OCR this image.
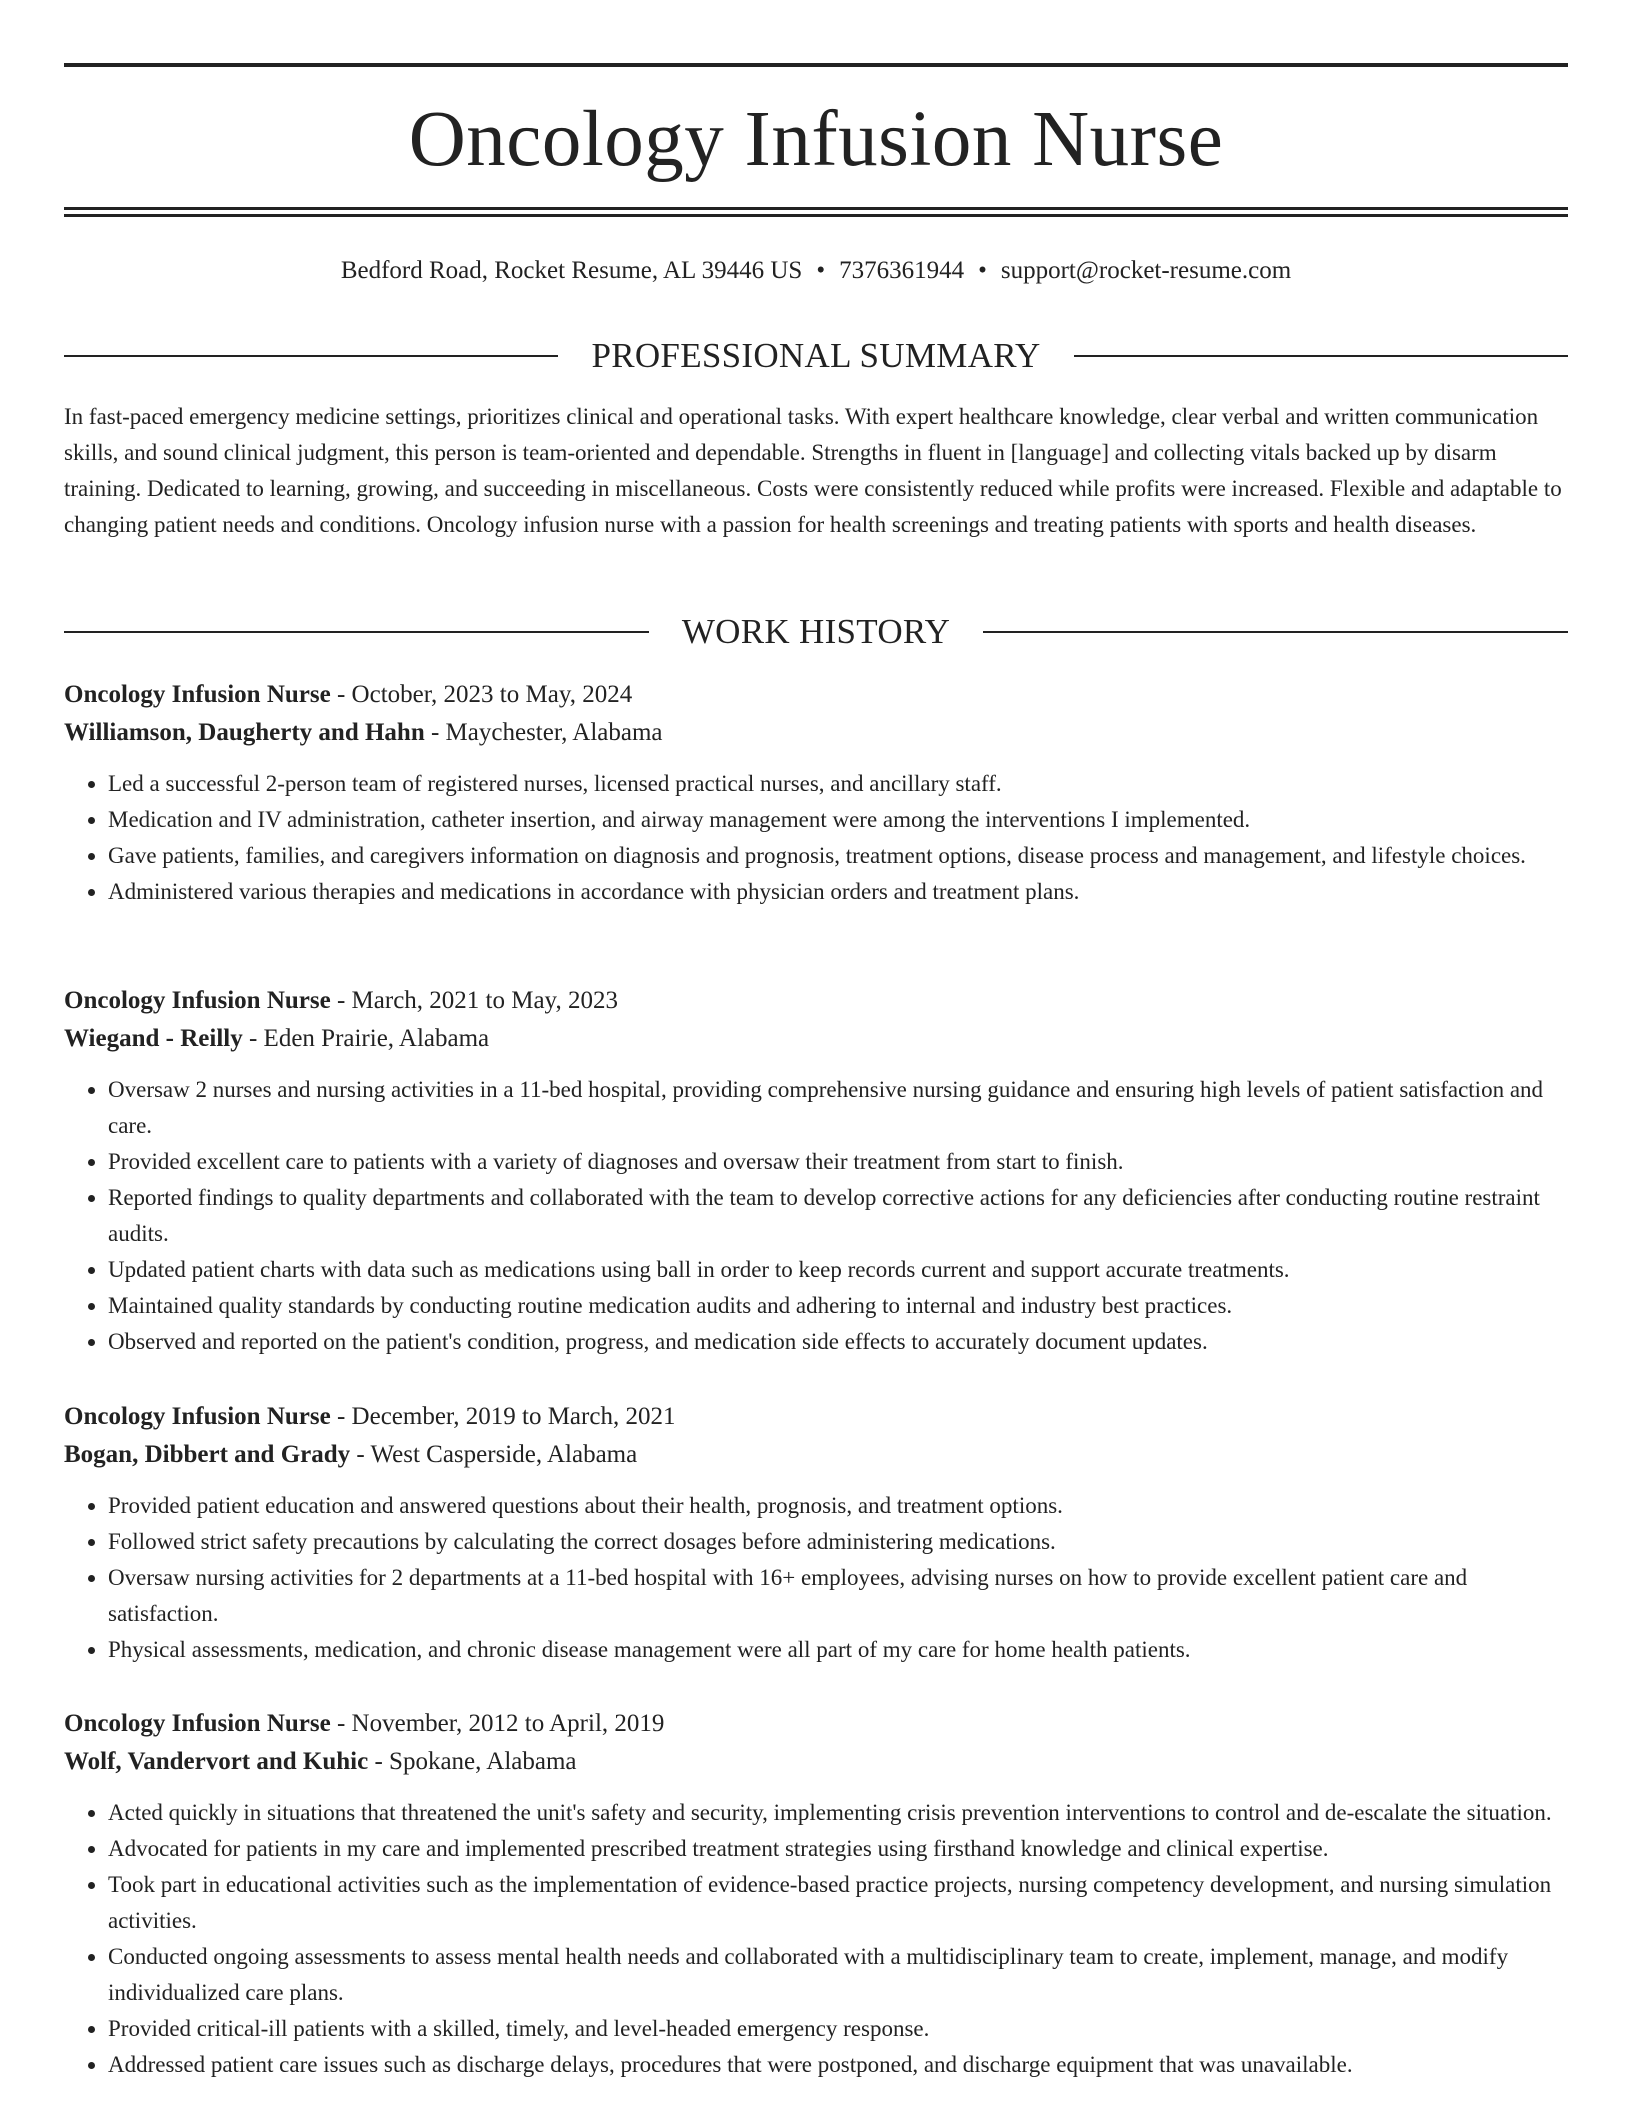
Oncology Infusion Nurse
Bedford Road, Rocket Resume, AL 39446 US • 7376361944 • support@rocket-resume.com
PROFESSIONAL SUMMARY
In fast-paced emergency medicine settings, prioritizes clinical and operational tasks. With expert healthcare knowledge, clear verbal and written communication skills, and sound clinical judgment, this person is team-oriented and dependable. Strengths in fluent in [language] and collecting vitals backed up by disarm training. Dedicated to learning, growing, and succeeding in miscellaneous. Costs were consistently reduced while profits were increased. Flexible and adaptable to changing patient needs and conditions. Oncology infusion nurse with a passion for health screenings and treating patients with sports and health diseases.
WORK HISTORY
Oncology Infusion Nurse - October, 2023 to May, 2024
Williamson, Daugherty and Hahn - Maychester, Alabama
• Led a successful 2-person team of registered nurses, licensed practical nurses, and ancillary staff.
• Medication and IV administration, catheter insertion, and airway management were among the interventions I implemented.
• Gave patients, families, and caregivers information on diagnosis and prognosis, treatment options, disease process and management, and lifestyle choices.
• Administered various therapies and medications in accordance with physician orders and treatment plans.
Oncology Infusion Nurse - March, 2021 to May, 2023
Wiegand - Reilly - Eden Prairie, Alabama
• Oversaw 2 nurses and nursing activities in a 11-bed hospital, providing comprehensive nursing guidance and ensuring high levels of patient satisfaction and care.
• Provided excellent care to patients with a variety of diagnoses and oversaw their treatment from start to finish.
• Reported findings to quality departments and collaborated with the team to develop corrective actions for any deficiencies after conducting routine restraint audits.
• Updated patient charts with data such as medications using ball in order to keep records current and support accurate treatments.
• Maintained quality standards by conducting routine medication audits and adhering to internal and industry best practices.
• Observed and reported on the patient's condition, progress, and medication side effects to accurately document updates.
Oncology Infusion Nurse - December, 2019 to March, 2021
Bogan, Dibbert and Grady - West Casperside, Alabama
• Provided patient education and answered questions about their health, prognosis, and treatment options.
• Followed strict safety precautions by calculating the correct dosages before administering medications.
• Oversaw nursing activities for 2 departments at a 11-bed hospital with 16+ employees, advising nurses on how to provide excellent patient care and satisfaction.
• Physical assessments, medication, and chronic disease management were all part of my care for home health patients.
Oncology Infusion Nurse - November, 2012 to April, 2019
Wolf, Vandervort and Kuhic - Spokane, Alabama
• Acted quickly in situations that threatened the unit's safety and security, implementing crisis prevention interventions to control and de-escalate the situation.
• Advocated for patients in my care and implemented prescribed treatment strategies using firsthand knowledge and clinical expertise.
• Took part in educational activities such as the implementation of evidence-based practice projects, nursing competency development, and nursing simulation activities.
• Conducted ongoing assessments to assess mental health needs and collaborated with a multidisciplinary team to create, implement, manage, and modify individualized care plans.
• Provided critical-ill patients with a skilled, timely, and level-headed emergency response.
• Addressed patient care issues such as discharge delays, procedures that were postponed, and discharge equipment that was unavailable.
